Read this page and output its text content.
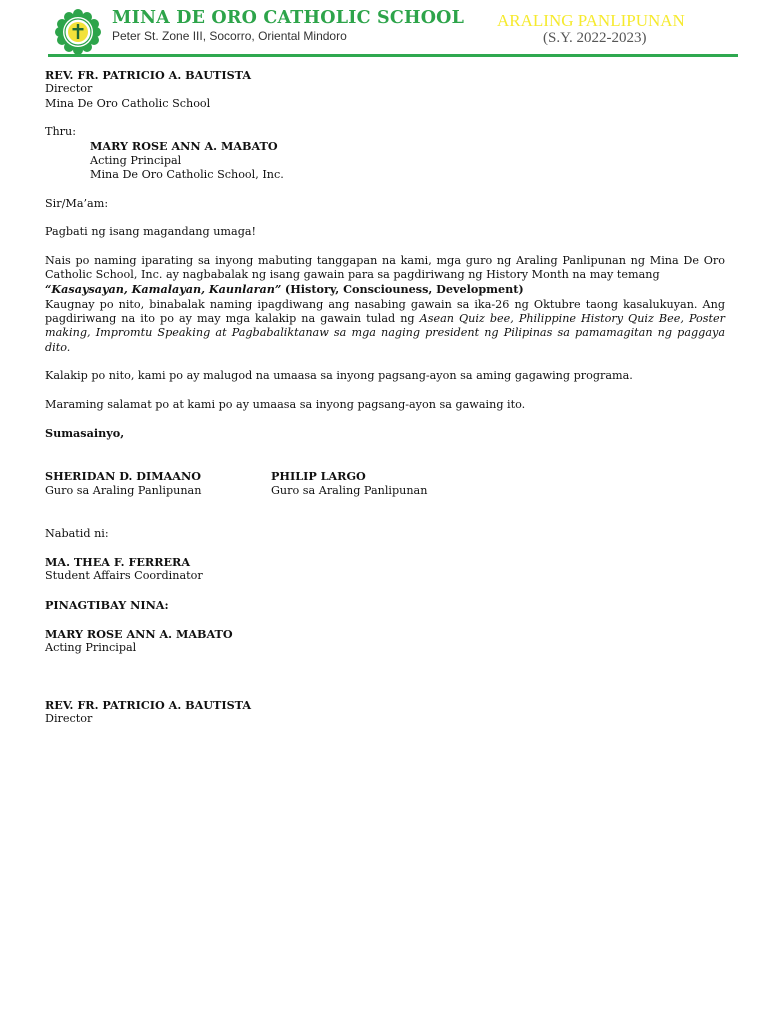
MINA DE ORO CATHOLIC SCHOOL
Peter St. Zone III, Socorro, Oriental Mindoro
ARALING PANLIPUNAN
(S.Y. 2022-2023)

REV. FR. PATRICIO A. BAUTISTA

Director

Mina De Oro Catholic School

Thru:

MARY ROSE ANN A. MABATO

Acting Principal

Mina De Oro Catholic School, Inc.

Sir/Ma’am:

Pagbati ng isang magandang umaga!

Nais po naming iparating sa inyong mabuting tanggapan na kami, mga guro ng Araling Panlipunan ng Mina De Oro Catholic School, Inc. ay nagbabalak ng isang gawain para sa pagdiriwang ng History Month na may temang
“Kasaysayan, Kamalayan, Kaunlaran” (History, Consciouness, Development)

Kaugnay po nito, binabalak naming ipagdiwang ang nasabing gawain sa ika-26 ng Oktubre taong kasalukuyan. Ang pagdiriwang na ito po ay may mga kalakip na gawain tulad ng Asean Quiz bee, Philippine History Quiz Bee, Poster making, Impromtu Speaking at Pagbabaliktanaw sa mga naging president ng Pilipinas sa pamamagitan ng paggaya dito.

Kalakip po nito, kami po ay malugod na umaasa sa inyong pagsang-ayon sa aming gagawing programa.

Maraming salamat po at kami po ay umaasa sa inyong pagsang-ayon sa gawaing ito.

Sumasainyo,

SHERIDAN D. DIMAANO

Guro sa Araling Panlipunan

PHILIP LARGO

Guro sa Araling Panlipunan

Nabatid ni:

MA. THEA F. FERRERA

Student Affairs Coordinator

PINAGTIBAY NINA:

MARY ROSE ANN A. MABATO

Acting Principal

REV. FR. PATRICIO A. BAUTISTA

Director
